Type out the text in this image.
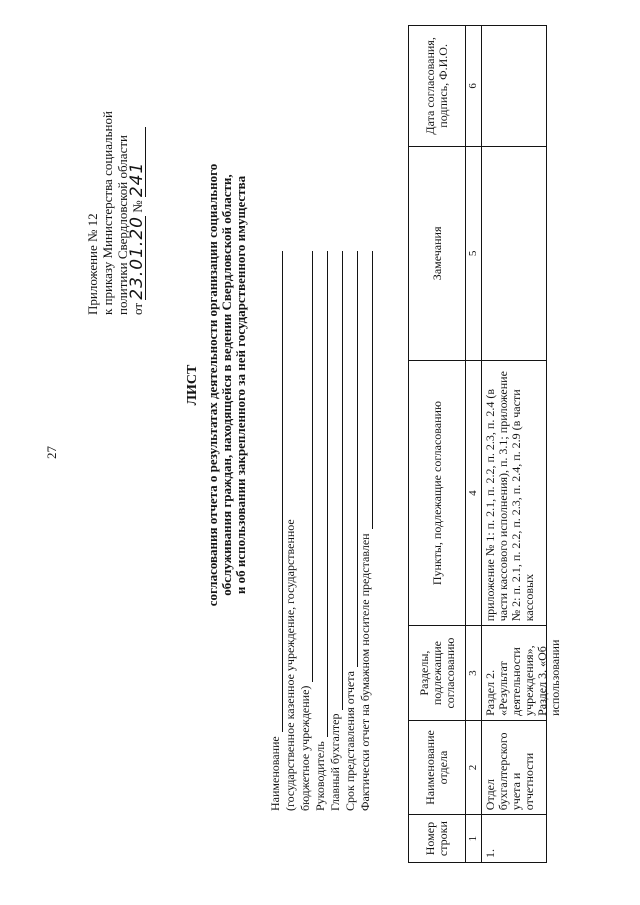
27
Приложение № 12 к приказу Министерства социальной политики Свердловской области от 23.01.20 № 241
ЛИСТ согласования отчета о результатах деятельности организации социального обслуживания граждан, находящейся в ведении Свердловской области, и об использовании закрепленного за ней государственного имущества
Наименование (государственное казенное учреждение, государственное бюджетное учреждение) Руководитель Главный бухгалтер Срок представления отчета Фактически отчет на бумажном носителе представлен
Номер строки	Наименование отдела	Разделы, подлежащие согласованию	Пункты, подлежащие согласованию	Замечания	Дата согласования, подпись, Ф.И.О.
1	2	3	4	5	6
1.	Отдел бухгалтерского учета и отчетности	Раздел 2. «Результат деятельности учреждения», Раздел 3. «Об использовании	приложение № 1: п. 2.1, п. 2.2, п. 2.3, п. 2.4 (в части кассового исполнения), п. 3.1; приложение № 2: п. 2.1, п. 2.2, п. 2.3, п. 2.4, п. 2.9 (в части кассовых		
